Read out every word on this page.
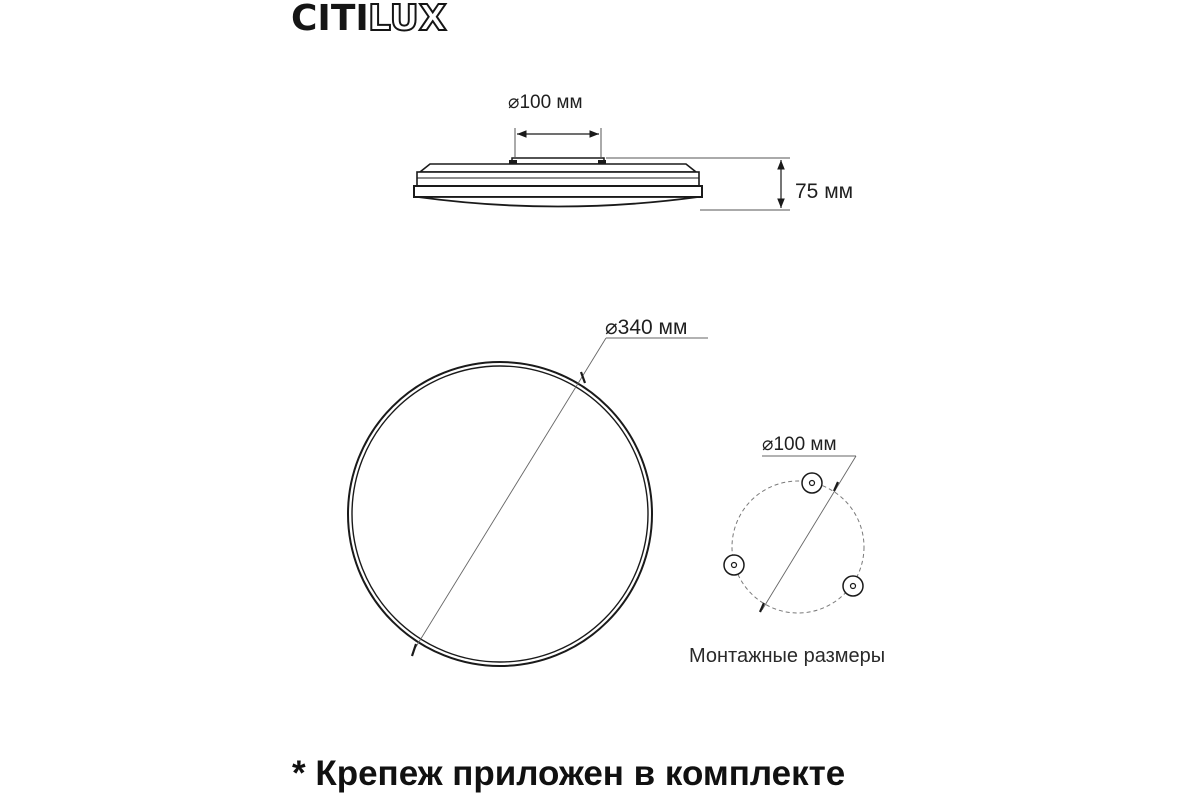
CITI LUX
⌀100 мм
75 мм
⌀340 мм
⌀100 мм
Монтажные размеры
* Крепеж приложен в комплекте
